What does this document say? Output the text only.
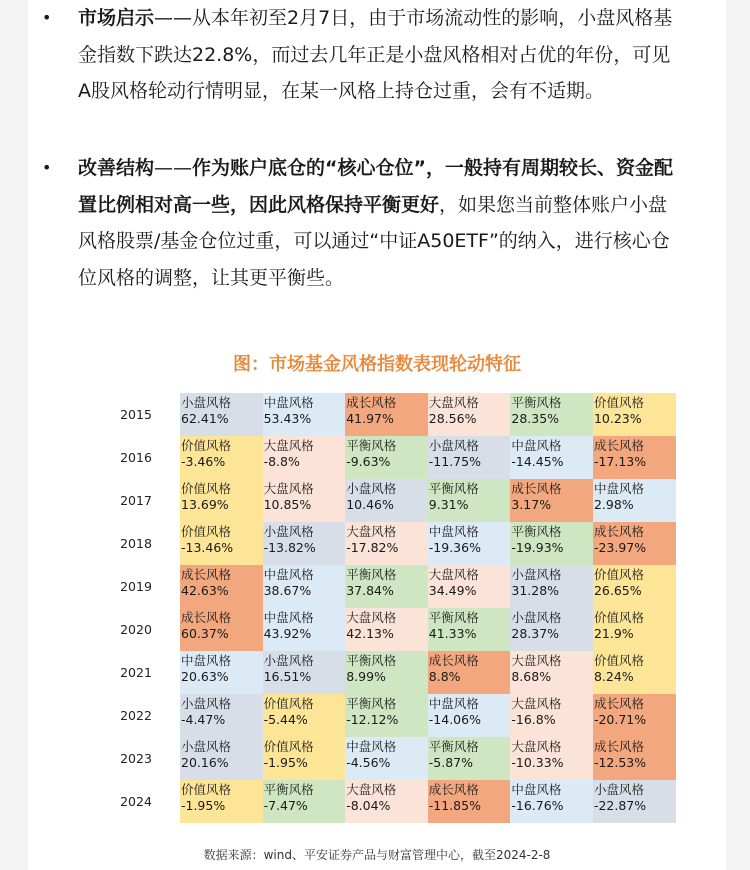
• 市场启示——从本年初至2月7日，由于市场流动性的影响，小盘风格基金指数下跌达22.8%，而过去几年正是小盘风格相对占优的年份，可见A股风格轮动行情明显，在某一风格上持仓过重，会有不适期。
• 改善结构——作为账户底仓的“核心仓位”，一般持有周期较长、资金配置比例相对高一些，因此风格保持平衡更好，如果您当前整体账户小盘风格股票/基金仓位过重，可以通过“中证A50ETF”的纳入，进行核心仓位风格的调整，让其更平衡些。
图：市场基金风格指数表现轮动特征
2015
小盘风格
62.41%
中盘风格
53.43%
成长风格
41.97%
大盘风格
28.56%
平衡风格
28.35%
价值风格
10.23%
2016
价值风格
-3.46%
大盘风格
-8.8%
平衡风格
-9.63%
小盘风格
-11.75%
中盘风格
-14.45%
成长风格
-17.13%
2017
价值风格
13.69%
大盘风格
10.85%
小盘风格
10.46%
平衡风格
9.31%
成长风格
3.17%
中盘风格
2.98%
2018
价值风格
-13.46%
小盘风格
-13.82%
大盘风格
-17.82%
中盘风格
-19.36%
平衡风格
-19.93%
成长风格
-23.97%
2019
成长风格
42.63%
中盘风格
38.67%
平衡风格
37.84%
大盘风格
34.49%
小盘风格
31.28%
价值风格
26.65%
2020
成长风格
60.37%
中盘风格
43.92%
大盘风格
42.13%
平衡风格
41.33%
小盘风格
28.37%
价值风格
21.9%
2021
中盘风格
20.63%
小盘风格
16.51%
平衡风格
8.99%
成长风格
8.8%
大盘风格
8.68%
价值风格
8.24%
2022
小盘风格
-4.47%
价值风格
-5.44%
平衡风格
-12.12%
中盘风格
-14.06%
大盘风格
-16.8%
成长风格
-20.71%
2023
小盘风格
20.16%
价值风格
-1.95%
中盘风格
-4.56%
平衡风格
-5.87%
大盘风格
-10.33%
成长风格
-12.53%
2024
价值风格
-1.95%
平衡风格
-7.47%
大盘风格
-8.04%
成长风格
-11.85%
中盘风格
-16.76%
小盘风格
-22.87%
数据来源：wind、平安证券产品与财富管理中心，截至2024-2-8
